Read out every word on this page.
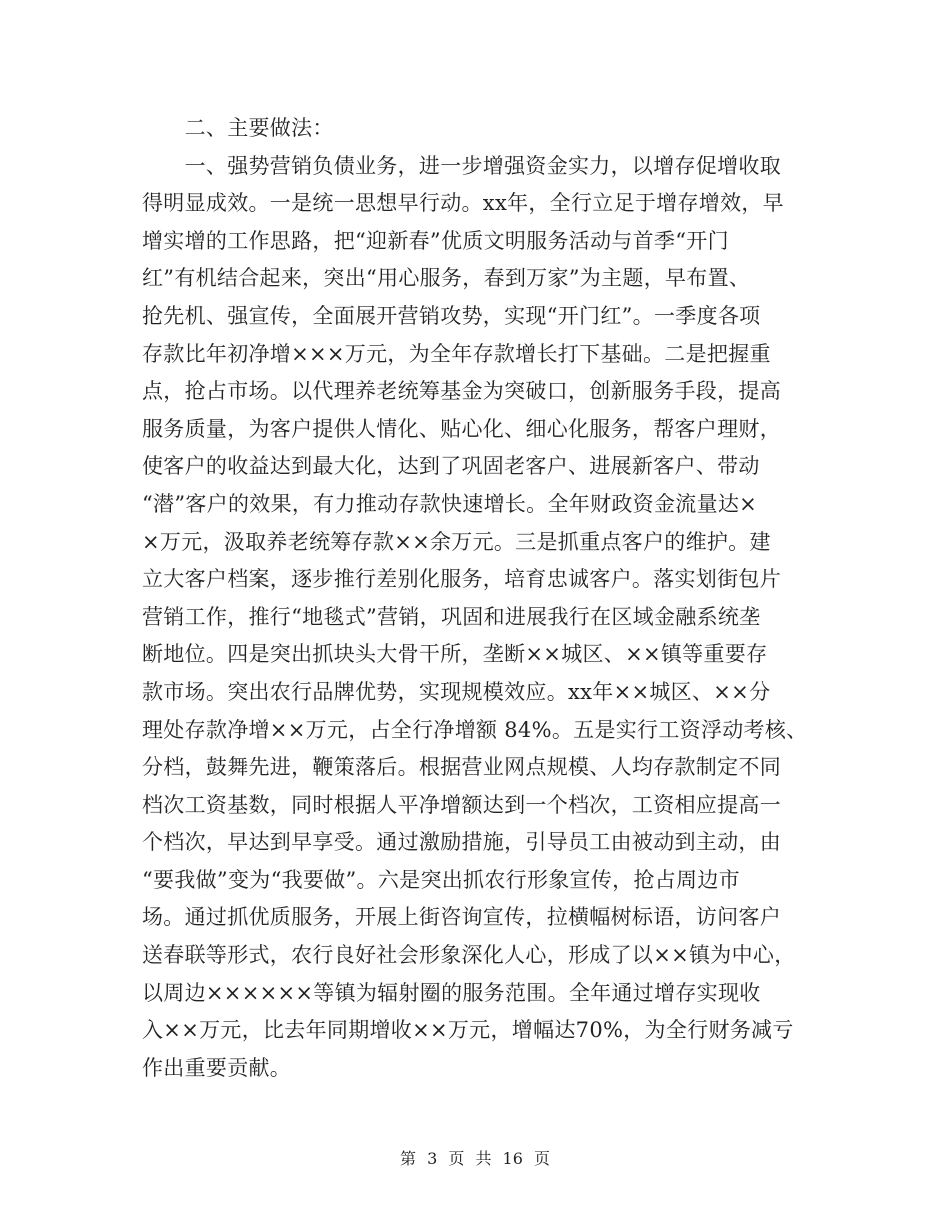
　　二、主要做法：
　　一、强势营销负债业务，进一步增强资金实力，以增存促增收取
得明显成效。一是统一思想早行动。xx年，全行立足于增存增效，早
增实增的工作思路，把“迎新春”优质文明服务活动与首季“开门
红”有机结合起来，突出“用心服务，春到万家”为主题，早布置、
抢先机、强宣传，全面展开营销攻势，实现“开门红”。一季度各项
存款比年初净增×××万元，为全年存款增长打下基础。二是把握重
点，抢占市场。以代理养老统筹基金为突破口，创新服务手段，提高
服务质量，为客户提供人情化、贴心化、细心化服务，帮客户理财，
使客户的收益达到最大化，达到了巩固老客户、进展新客户、带动
“潜”客户的效果，有力推动存款快速增长。全年财政资金流量达×
×万元，汲取养老统筹存款××余万元。三是抓重点客户的维护。建
立大客户档案，逐步推行差别化服务，培育忠诚客户。落实划街包片
营销工作，推行“地毯式”营销，巩固和进展我行在区域金融系统垄
断地位。四是突出抓块头大骨干所，垄断××城区、××镇等重要存
款市场。突出农行品牌优势，实现规模效应。xx年××城区、××分
理处存款净增××万元，占全行净增额 84%。五是实行工资浮动考核、
分档，鼓舞先进，鞭策落后。根据营业网点规模、人均存款制定不同
档次工资基数，同时根据人平净增额达到一个档次，工资相应提高一
个档次，早达到早享受。通过激励措施，引导员工由被动到主动，由
“要我做”变为“我要做”。六是突出抓农行形象宣传，抢占周边市
场。通过抓优质服务，开展上街咨询宣传，拉横幅树标语，访问客户
送春联等形式，农行良好社会形象深化人心，形成了以××镇为中心，
以周边××××××等镇为辐射圈的服务范围。全年通过增存实现收
入××万元，比去年同期增收××万元，增幅达70%，为全行财务减亏
作出重要贡献。
第 3 页 共 16 页
